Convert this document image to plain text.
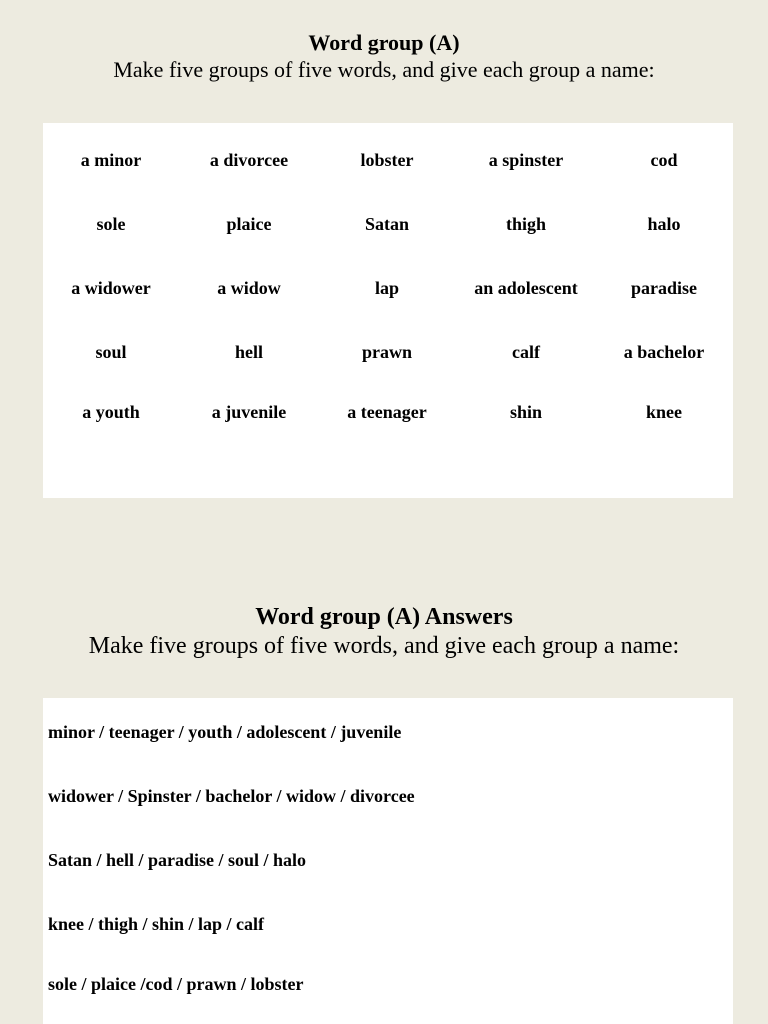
Word group (A)
Make five groups of five words, and give each group a name:
a minor	a divorcee	lobster	a spinster	cod
sole	plaice	Satan	thigh	halo
a widower	a widow	lap	an adolescent	paradise
soul	hell	prawn	calf	a bachelor
a youth	a juvenile	a teenager	shin	knee
Word group (A) Answers
Make five groups of five words, and give each group a name:
minor / teenager / youth / adolescent / juvenile
widower / Spinster / bachelor / widow / divorcee
Satan / hell / paradise / soul / halo
knee / thigh / shin / lap / calf
sole / plaice /cod / prawn / lobster
